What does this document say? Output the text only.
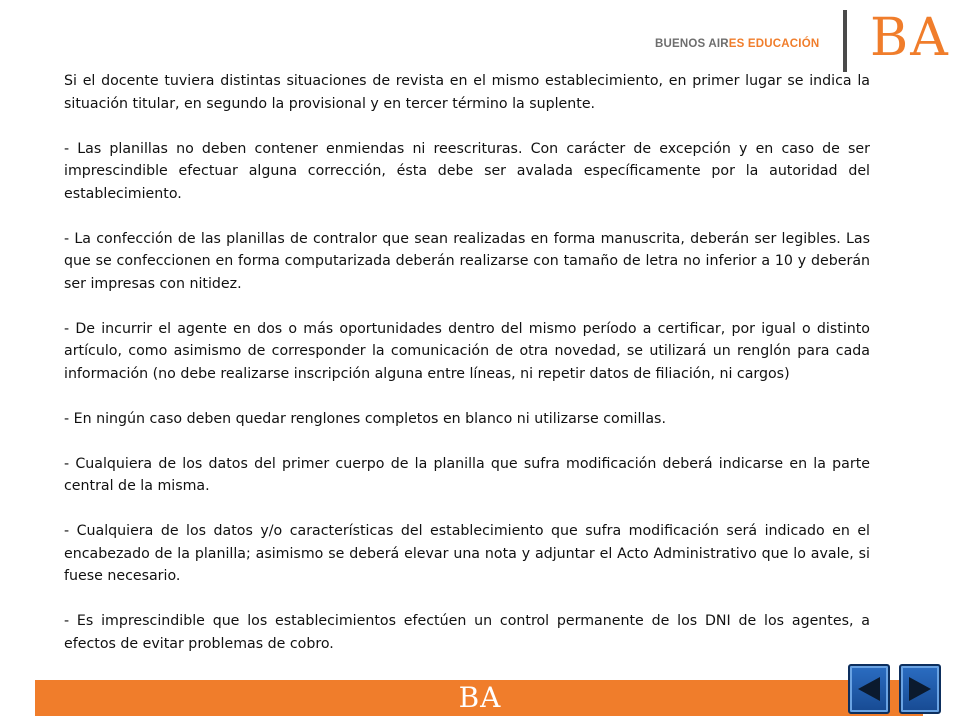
BUENOS AIRES EDUCACIÓN BA

Si el docente tuviera distintas situaciones de revista en el mismo establecimiento, en primer lugar se indica la situación titular, en segundo la provisional y en tercer término la suplente.

- Las planillas no deben contener enmiendas ni reescrituras. Con carácter de excepción y en caso de ser imprescindible efectuar alguna corrección, ésta debe ser avalada específicamente por la autoridad del establecimiento.

- La confección de las planillas de contralor que sean realizadas en forma manuscrita, deberán ser legibles. Las que se confeccionen en forma computarizada deberán realizarse con tamaño de letra no inferior a 10 y deberán ser impresas con nitidez.

- De incurrir el agente en dos o más oportunidades dentro del mismo período a certificar, por igual o distinto artículo, como asimismo de corresponder la comunicación de otra novedad, se utilizará un renglón para cada información (no debe realizarse inscripción alguna entre líneas, ni repetir datos de filiación, ni cargos)

- En ningún caso deben quedar renglones completos en blanco ni utilizarse comillas.

- Cualquiera de los datos del primer cuerpo de la planilla que sufra modificación deberá indicarse en la parte central de la misma.

- Cualquiera de los datos y/o características del establecimiento que sufra modificación será indicado en el encabezado de la planilla; asimismo se deberá elevar una nota y adjuntar el Acto Administrativo que lo avale, si fuese necesario.

- Es imprescindible que los establecimientos efectúen un control permanente de los DNI de los agentes, a efectos de evitar problemas de cobro.

BA
